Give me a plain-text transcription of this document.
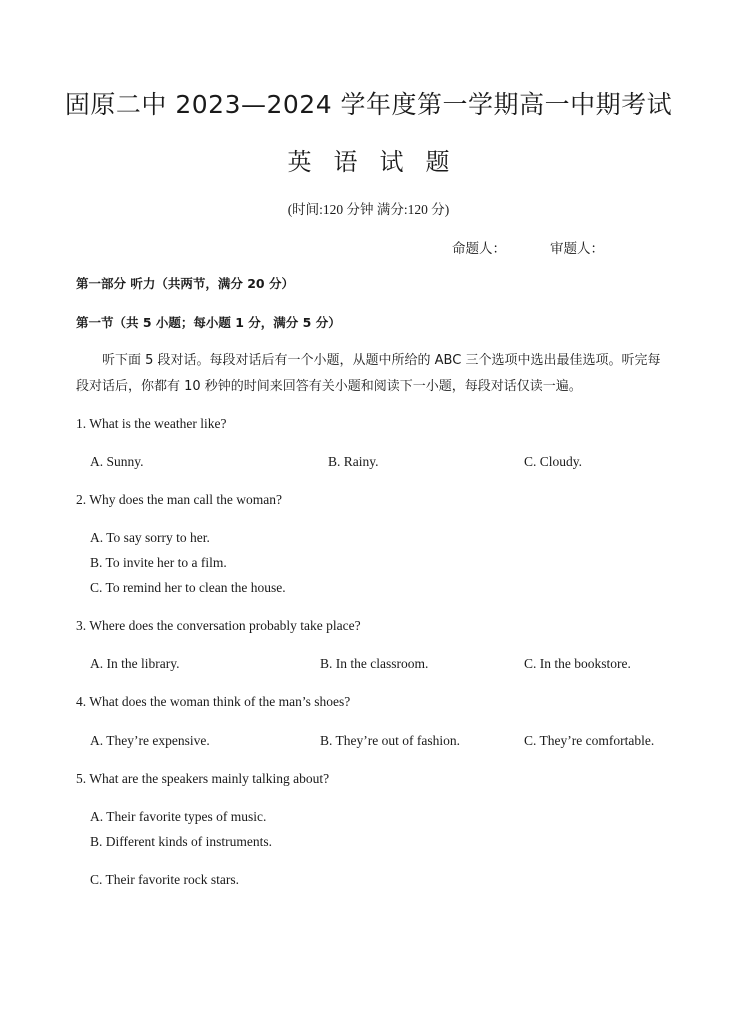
固原二中 2023—2024 学年度第一学期高一中期考试
英语试题
(时间:120 分钟 满分:120 分)
命题人：	审题人：
第一部分 听力（共两节，满分 20 分）
第一节（共 5 小题；每小题 1 分，满分 5 分）
听下面 5 段对话。每段对话后有一个小题，从题中所给的 ABC 三个选项中选出最佳选项。听完每段对话后，你都有 10 秒钟的时间来回答有关小题和阅读下一小题，每段对话仅读一遍。
1. What is the weather like?
A. Sunny.	B. Rainy.	C. Cloudy.
2. Why does the man call the woman?
A. To say sorry to her.
B. To invite her to a film.
C. To remind her to clean the house.
3. Where does the conversation probably take place?
A. In the library.	B. In the classroom.	C. In the bookstore.
4. What does the woman think of the man’s shoes?
A. They’re expensive.	B. They’re out of fashion.	C. They’re comfortable.
5. What are the speakers mainly talking about?
A. Their favorite types of music.
B. Different kinds of instruments.
C. Their favorite rock stars.
